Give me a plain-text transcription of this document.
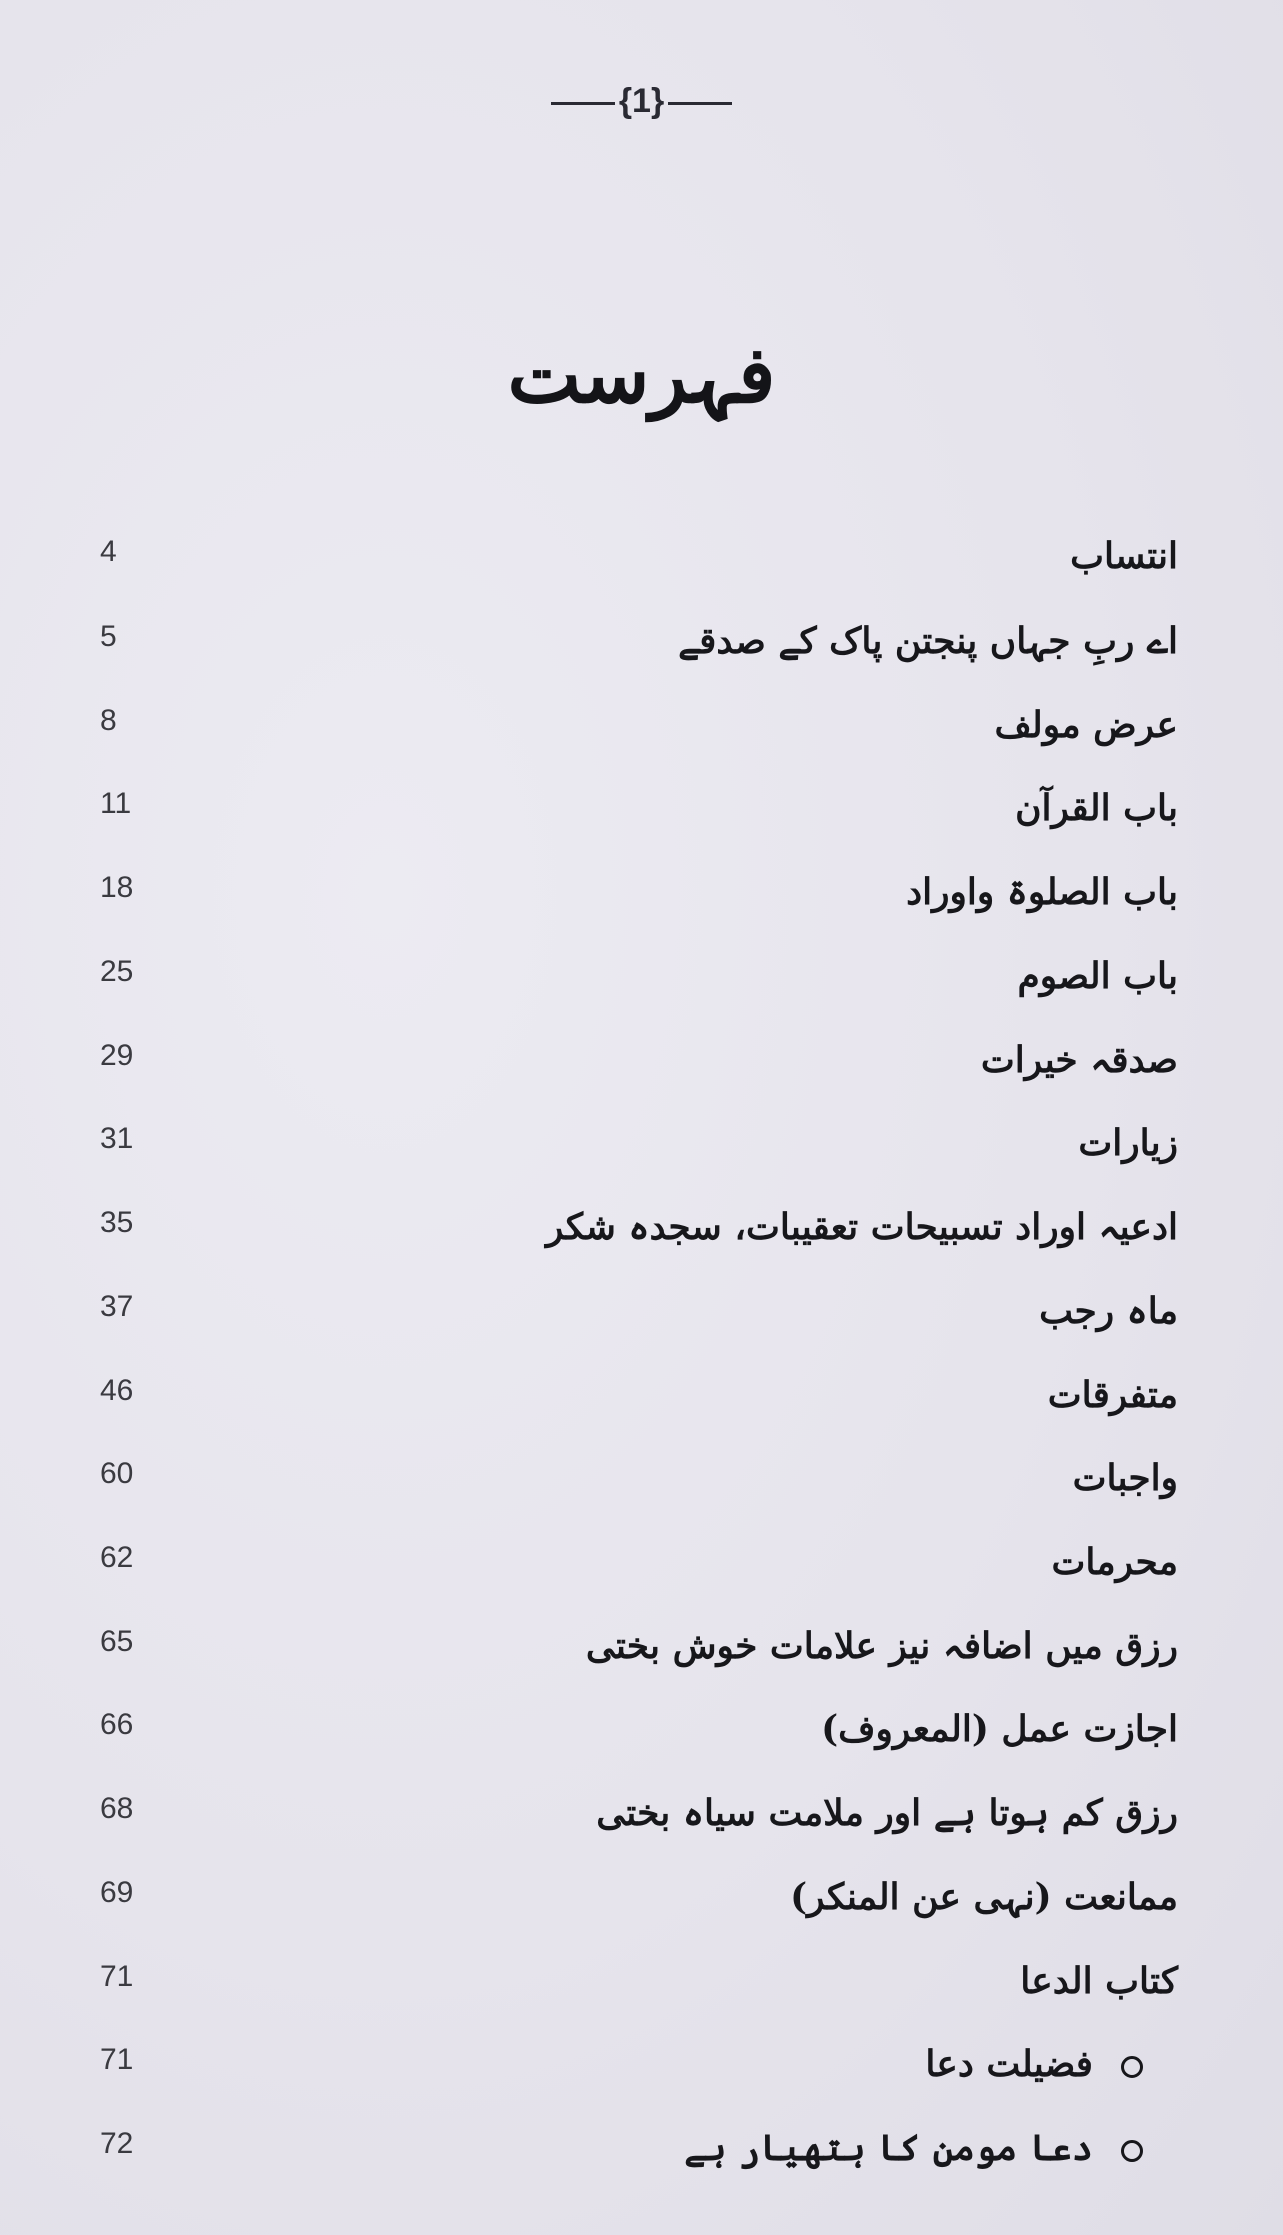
{1}
فہرست
انتساب
4
اے ربِ جہاں پنجتن پاک کے صدقے
5
عرض مولف
8
باب القرآن
11
باب الصلوۃ واوراد
18
باب الصوم
25
صدقہ خیرات
29
زیارات
31
ادعیہ اوراد تسبیحات تعقیبات، سجدہ شکر
35
ماہ رجب
37
متفرقات
46
واجبات
60
محرمات
62
رزق میں اضافہ نیز علامات خوش بختی
65
اجازت عمل (المعروف)
66
رزق کم ہوتا ہے اور ملامت سیاہ بختی
68
ممانعت (نہی عن المنکر)
69
کتاب الدعا
71
فضیلت دعا
71
دعا مومن کا ہتھیار ہے
72
